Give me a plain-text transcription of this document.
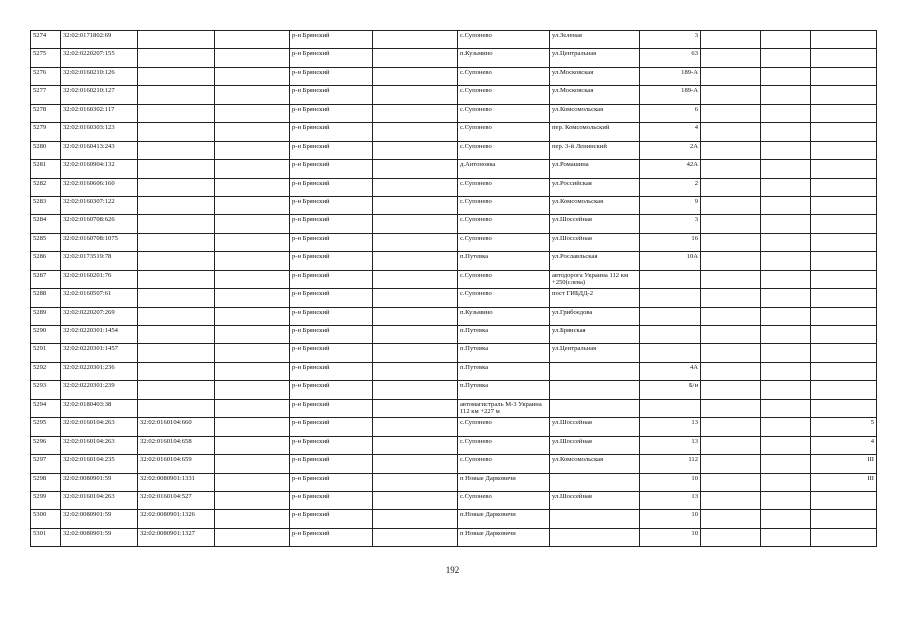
5274	32:02:0171802:69			р-н Брянский		с.Супонево	ул.Зеленая	3			
5275	32:02:0220207:155			р-н Брянский		п.Кузьмино	ул.Центральная	63			
5276	32:02:0160210:126			р-н Брянский		с.Супонево	ул.Московская	189-А			
5277	32:02:0160210:127			р-н Брянский		с.Супонево	ул.Московская	189-А			
5278	32:02:0160302:117			р-н Брянский		с.Супонево	ул.Комсомольская	6			
5279	32:02:0160303:123			р-н Брянский		с.Супонево	пер. Комсомольский	4			
5280	32:02:0160413:243			р-н Брянский		с.Супонево	пер. 3-й Ленинский	2А			
5281	32:02:0160904:132			р-н Брянский		д.Антоновка	ул.Ромашина	42А			
5282	32:02:0160606:160			р-н Брянский		с.Супонево	ул.Российская	2			
5283	32:02:0160307:122			р-н Брянский		с.Супонево	ул.Комсомольская	9			
5284	32:02:0160708:626			р-н Брянский		с.Супонево	ул.Шоссейная	3			
5285	32:02:0160708:1075			р-н Брянский		с.Супонево	ул.Шоссейная	16			
5286	32:02:0173519:78			р-н Брянский		п.Путевка	ул.Рославльская	10А			
5287	32:02:0160201:76			р-н Брянский		с.Супонево	автодорога Украина 112 км +250(слева)				
5288	32:02:0160507:61			р-н Брянский		с.Супонево	пост ГИБДД-2				
5289	32:02:0220207:269			р-н Брянский		п.Кузьмино	ул.Грибоедова				
5290	32:02:0220301:1454			р-н Брянский		п.Путевка	ул.Брянская				
5291	32:02:0220301:1457			р-н Брянский		п.Путевка	ул.Центральная				
5292	32:02:0220301:236			р-н Брянский		п.Путевка		4А			
5293	32:02:0220301:239			р-н Брянский		п.Путевка		Б/н			
5294	32:02:0180403:38			р-н Брянский		автомагистраль М-3 Украина 112 км +227 м					
5295	32:02:0160104:263	32:02:0160104:660		р-н Брянский		с.Супонево	ул.Шоссейная	13			5
5296	32:02:0160104:263	32:02:0160104:658		р-н Брянский		с.Супонево	ул.Шоссейная	13			4
5297	32:02:0160104:235	32:02:0160104:659		р-н Брянский		с.Супонево	ул.Комсомольская	112			III
5298	32:02:0080901:59	32:02:0080901:1331		р-н Брянский		п Новые Дарковичи		10			III
5299	32:02:0160104:263	32:02:0160104:527		р-н Брянский		с.Супонево	ул.Шоссейная	13			
5300	32:02:0080901:59	32:02:0080901:1326		р-н Брянский		п.Новые Дарковичи		10			
5301	32:02:0080901:59	32:02:0080901:1327		р-н Брянский		п Новые Дарковичи		10			
192
